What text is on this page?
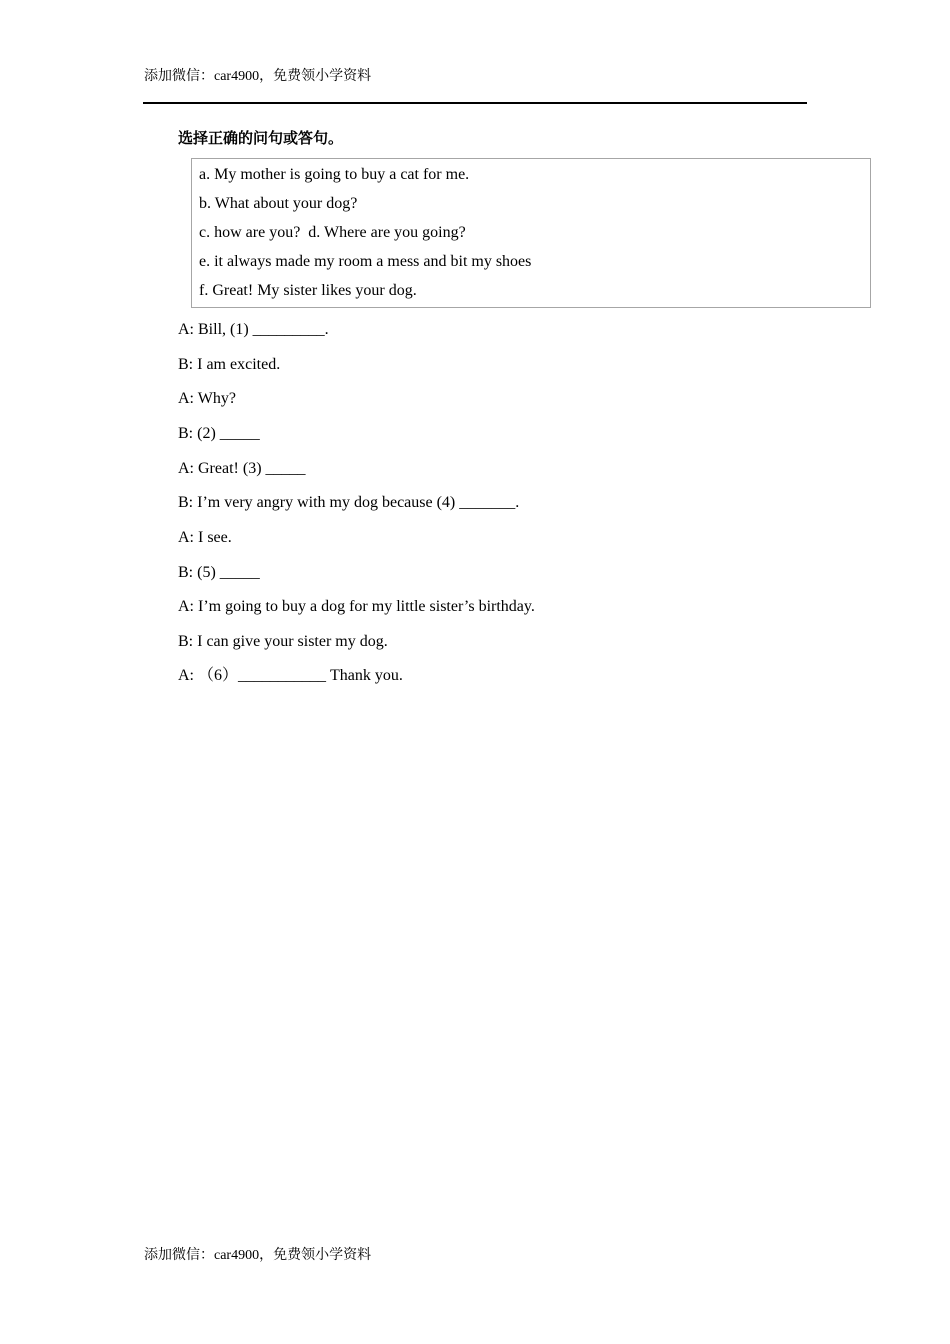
添加微信：car4900，免费领小学资料
选择正确的问句或答句。
a. My mother is going to buy a cat for me.
b. What about your dog?
c. how are you?  d. Where are you going?
e. it always made my room a mess and bit my shoes
f. Great! My sister likes your dog.
A: Bill, (1) _________.
B: I am excited.
A: Why?
B: (2) _____
A: Great! (3) _____
B: I’m very angry with my dog because (4) _______.
A: I see.
B: (5) _____
A: I’m going to buy a dog for my little sister’s birthday.
B: I can give your sister my dog.
A: （6）___________ Thank you.
添加微信：car4900，免费领小学资料
